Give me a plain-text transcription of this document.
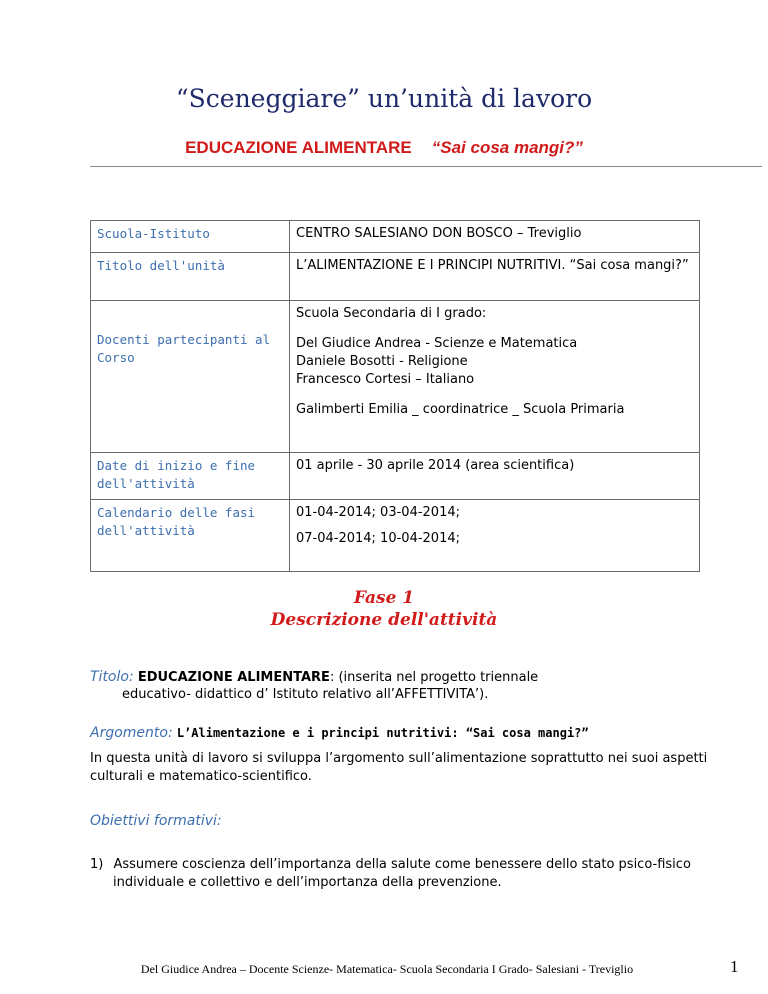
“Sceneggiare” un’unità di lavoro
EDUCAZIONE ALIMENTARE “Sai cosa mangi?”
Scuola-Istituto	CENTRO SALESIANO DON BOSCO – Treviglio
Titolo dell'unità	L’ALIMENTAZIONE E I PRINCIPI NUTRITIVI. “Sai cosa mangi?”
Docenti partecipanti al Corso	Scuola Secondaria di I grado:

Del Giudice Andrea - Scienze e Matematica

Daniele Bosotti - Religione

Francesco Cortesi – Italiano

Galimberti Emilia _ coordinatrice _ Scuola Primaria

Date di inizio e fine dell'attività	01 aprile - 30 aprile 2014 (area scientifica)
Calendario delle fasi dell'attività	01-04-2014; 03-04-2014;

07-04-2014; 10-04-2014;

Fase 1
Descrizione dell'attività
Titolo: EDUCAZIONE ALIMENTARE: (inserita nel progetto triennale
educativo- didattico d’ Istituto relativo all’AFFETTIVITA’).
Argomento: L’Alimentazione e i principi nutritivi: “Sai cosa mangi?”
In questa unità di lavoro si sviluppa l’argomento sull’alimentazione soprattutto nei suoi aspetti
culturali e matematico-scientifico.
Obiettivi formativi:
1) Assumere coscienza dell’importanza della salute come benessere dello stato psico-fisico
individuale e collettivo e dell’importanza della prevenzione.
Del Giudice Andrea – Docente Scienze- Matematica- Scuola Secondaria I Grado- Salesiani - Treviglio	1
